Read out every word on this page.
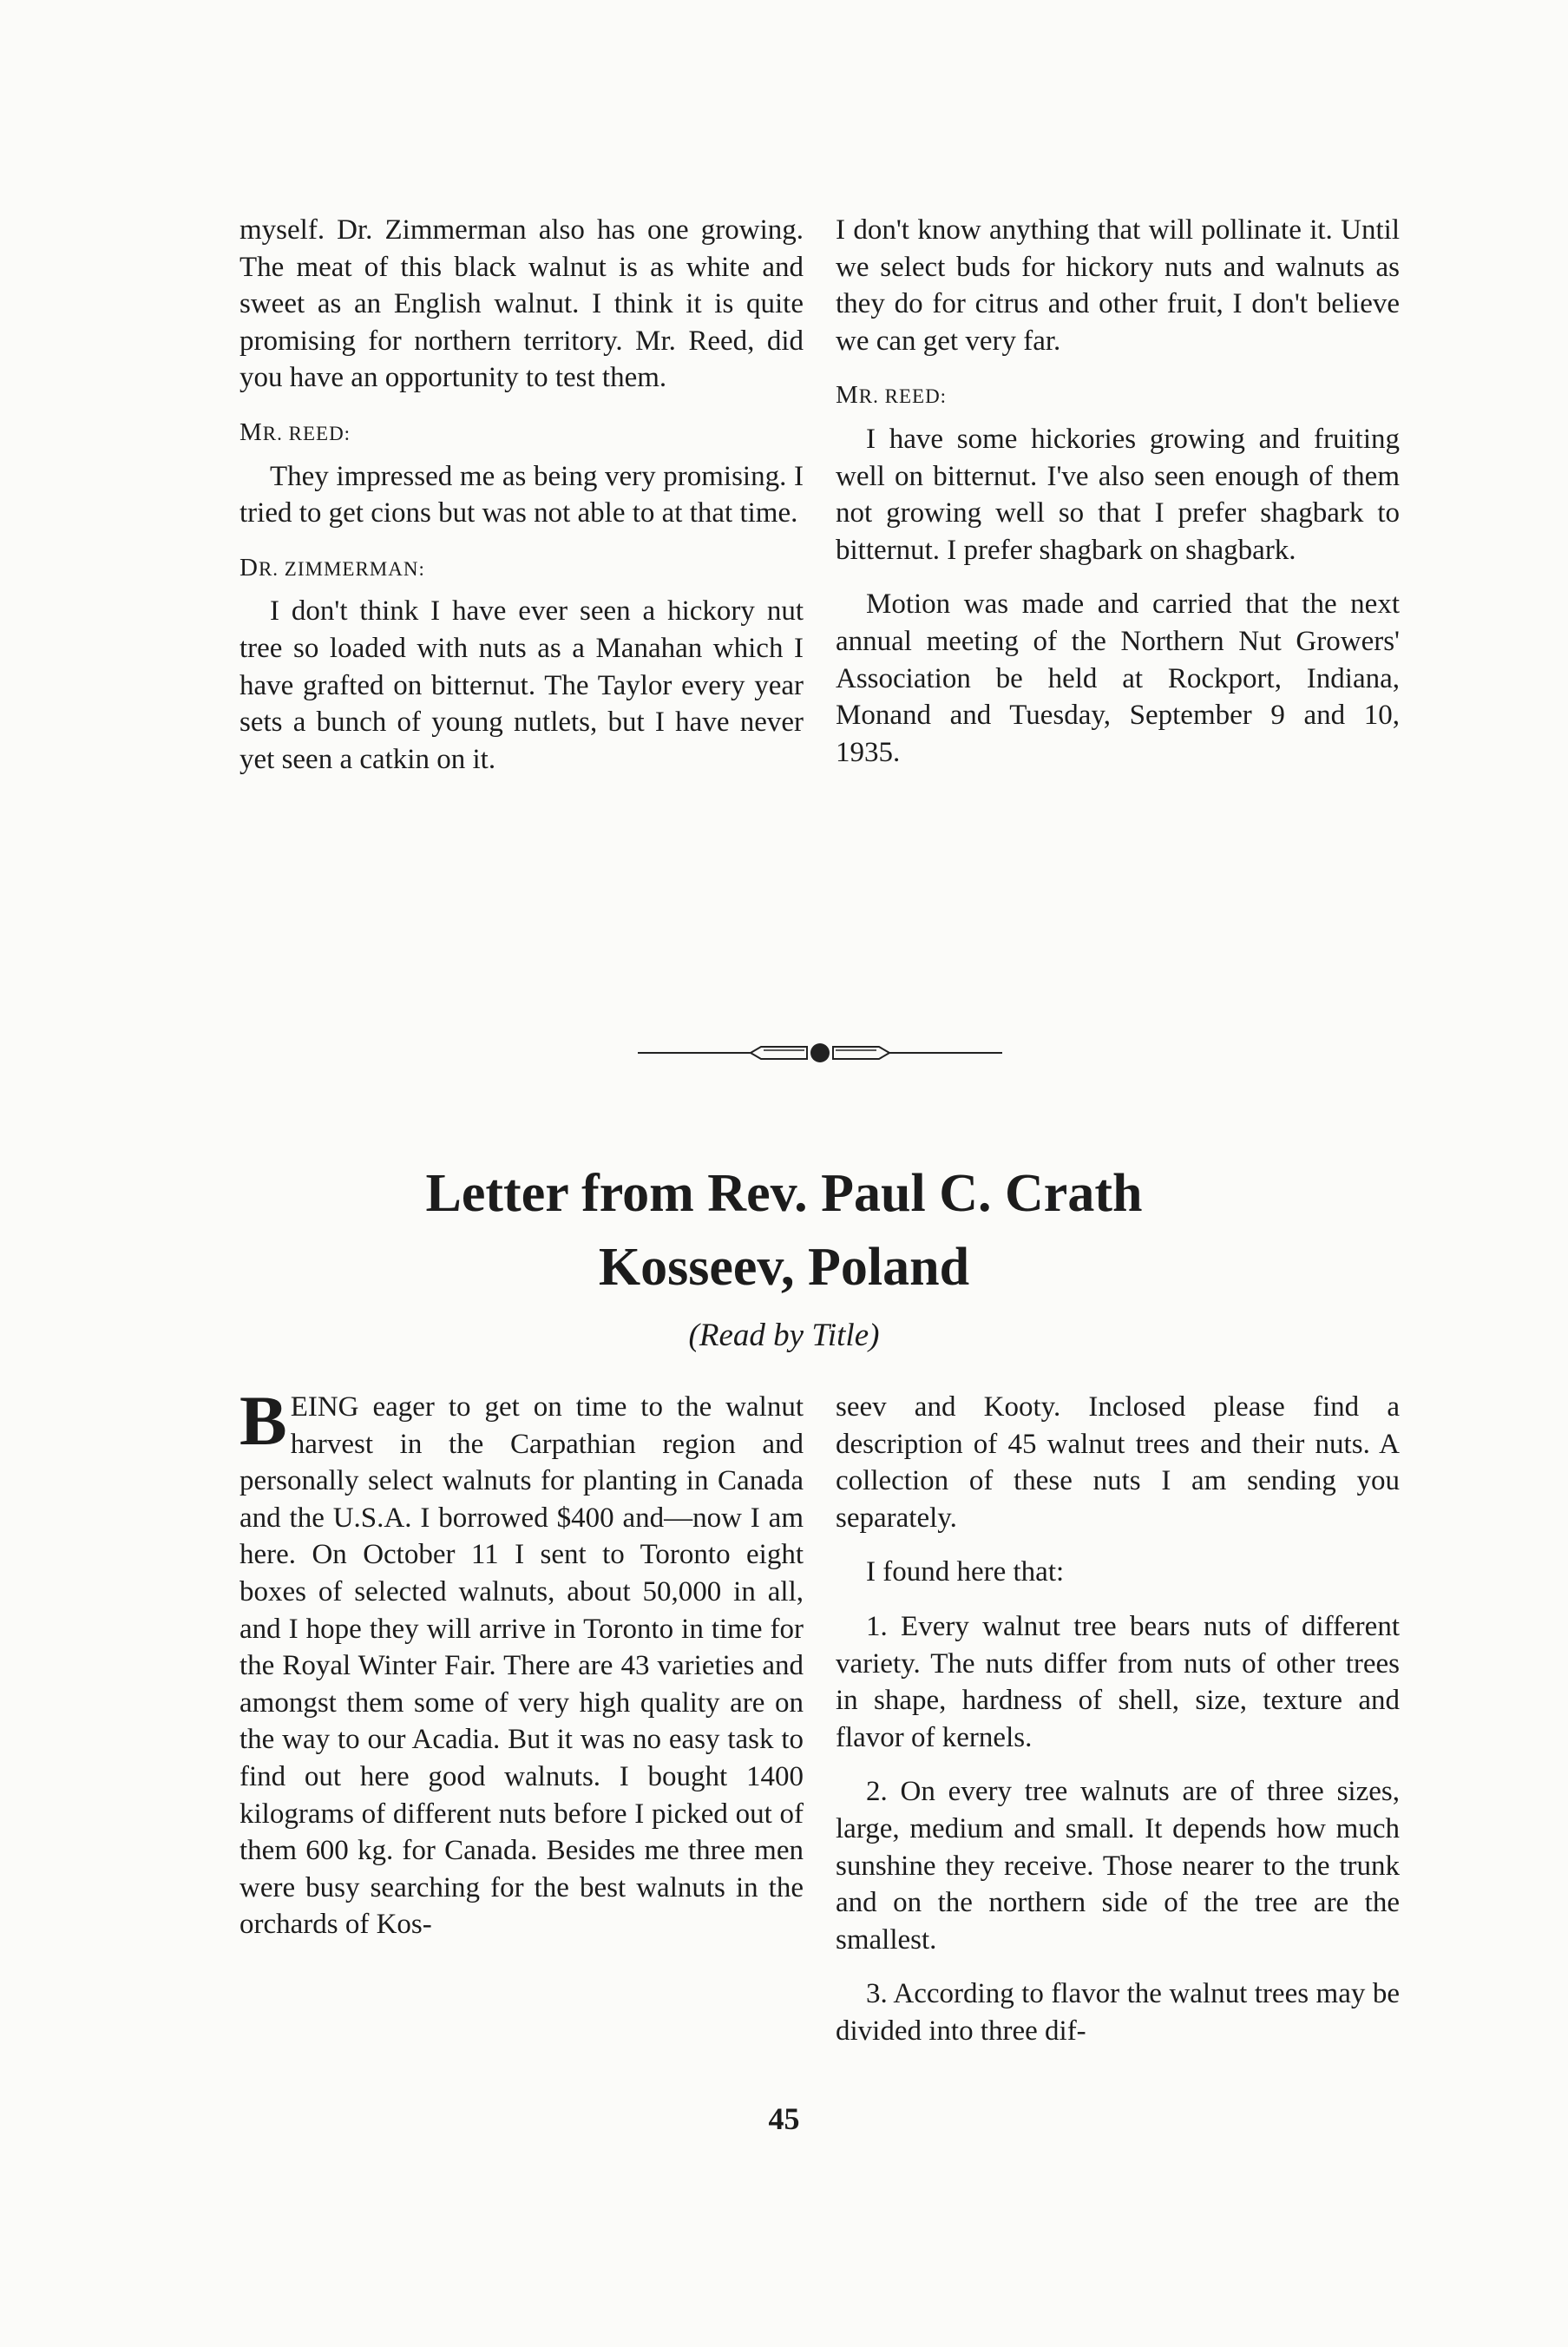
myself. Dr. Zimmerman also has one growing. The meat of this black walnut is as white and sweet as an English walnut. I think it is quite promising for northern territory. Mr. Reed, did you have an opportunity to test them.

MR. REED:

They impressed me as being very promising. I tried to get cions but was not able to at that time.

DR. ZIMMERMAN:

I don't think I have ever seen a hickory nut tree so loaded with nuts as a Manahan which I have grafted on bitternut. The Taylor every year sets a bunch of young nutlets, but I have never yet seen a catkin on it.

I don't know anything that will pollinate it. Until we select buds for hickory nuts and walnuts as they do for citrus and other fruit, I don't believe we can get very far.

MR. REED:

I have some hickories growing and fruiting well on bitternut. I've also seen enough of them not growing well so that I prefer shagbark to bitternut. I prefer shagbark on shagbark.

Motion was made and carried that the next annual meeting of the Northern Nut Growers' Association be held at Rockport, Indiana, Monand and Tuesday, September 9 and 10, 1935.

Letter from Rev. Paul C. Crath
Kosseev, Poland
(Read by Title)

BEING eager to get on time to the walnut harvest in the Carpathian region and personally select walnuts for planting in Canada and the U.S.A. I borrowed $400 and—now I am here. On October 11 I sent to Toronto eight boxes of selected walnuts, about 50,000 in all, and I hope they will arrive in Toronto in time for the Royal Winter Fair. There are 43 varieties and amongst them some of very high quality are on the way to our Acadia. But it was no easy task to find out here good walnuts. I bought 1400 kilograms of different nuts before I picked out of them 600 kg. for Canada. Besides me three men were busy searching for the best walnuts in the orchards of Kos-

seev and Kooty. Inclosed please find a description of 45 walnut trees and their nuts. A collection of these nuts I am sending you separately.

I found here that:

1. Every walnut tree bears nuts of different variety. The nuts differ from nuts of other trees in shape, hardness of shell, size, texture and flavor of kernels.

2. On every tree walnuts are of three sizes, large, medium and small. It depends how much sunshine they receive. Those nearer to the trunk and on the northern side of the tree are the smallest.

3. According to flavor the walnut trees may be divided into three dif-

45
